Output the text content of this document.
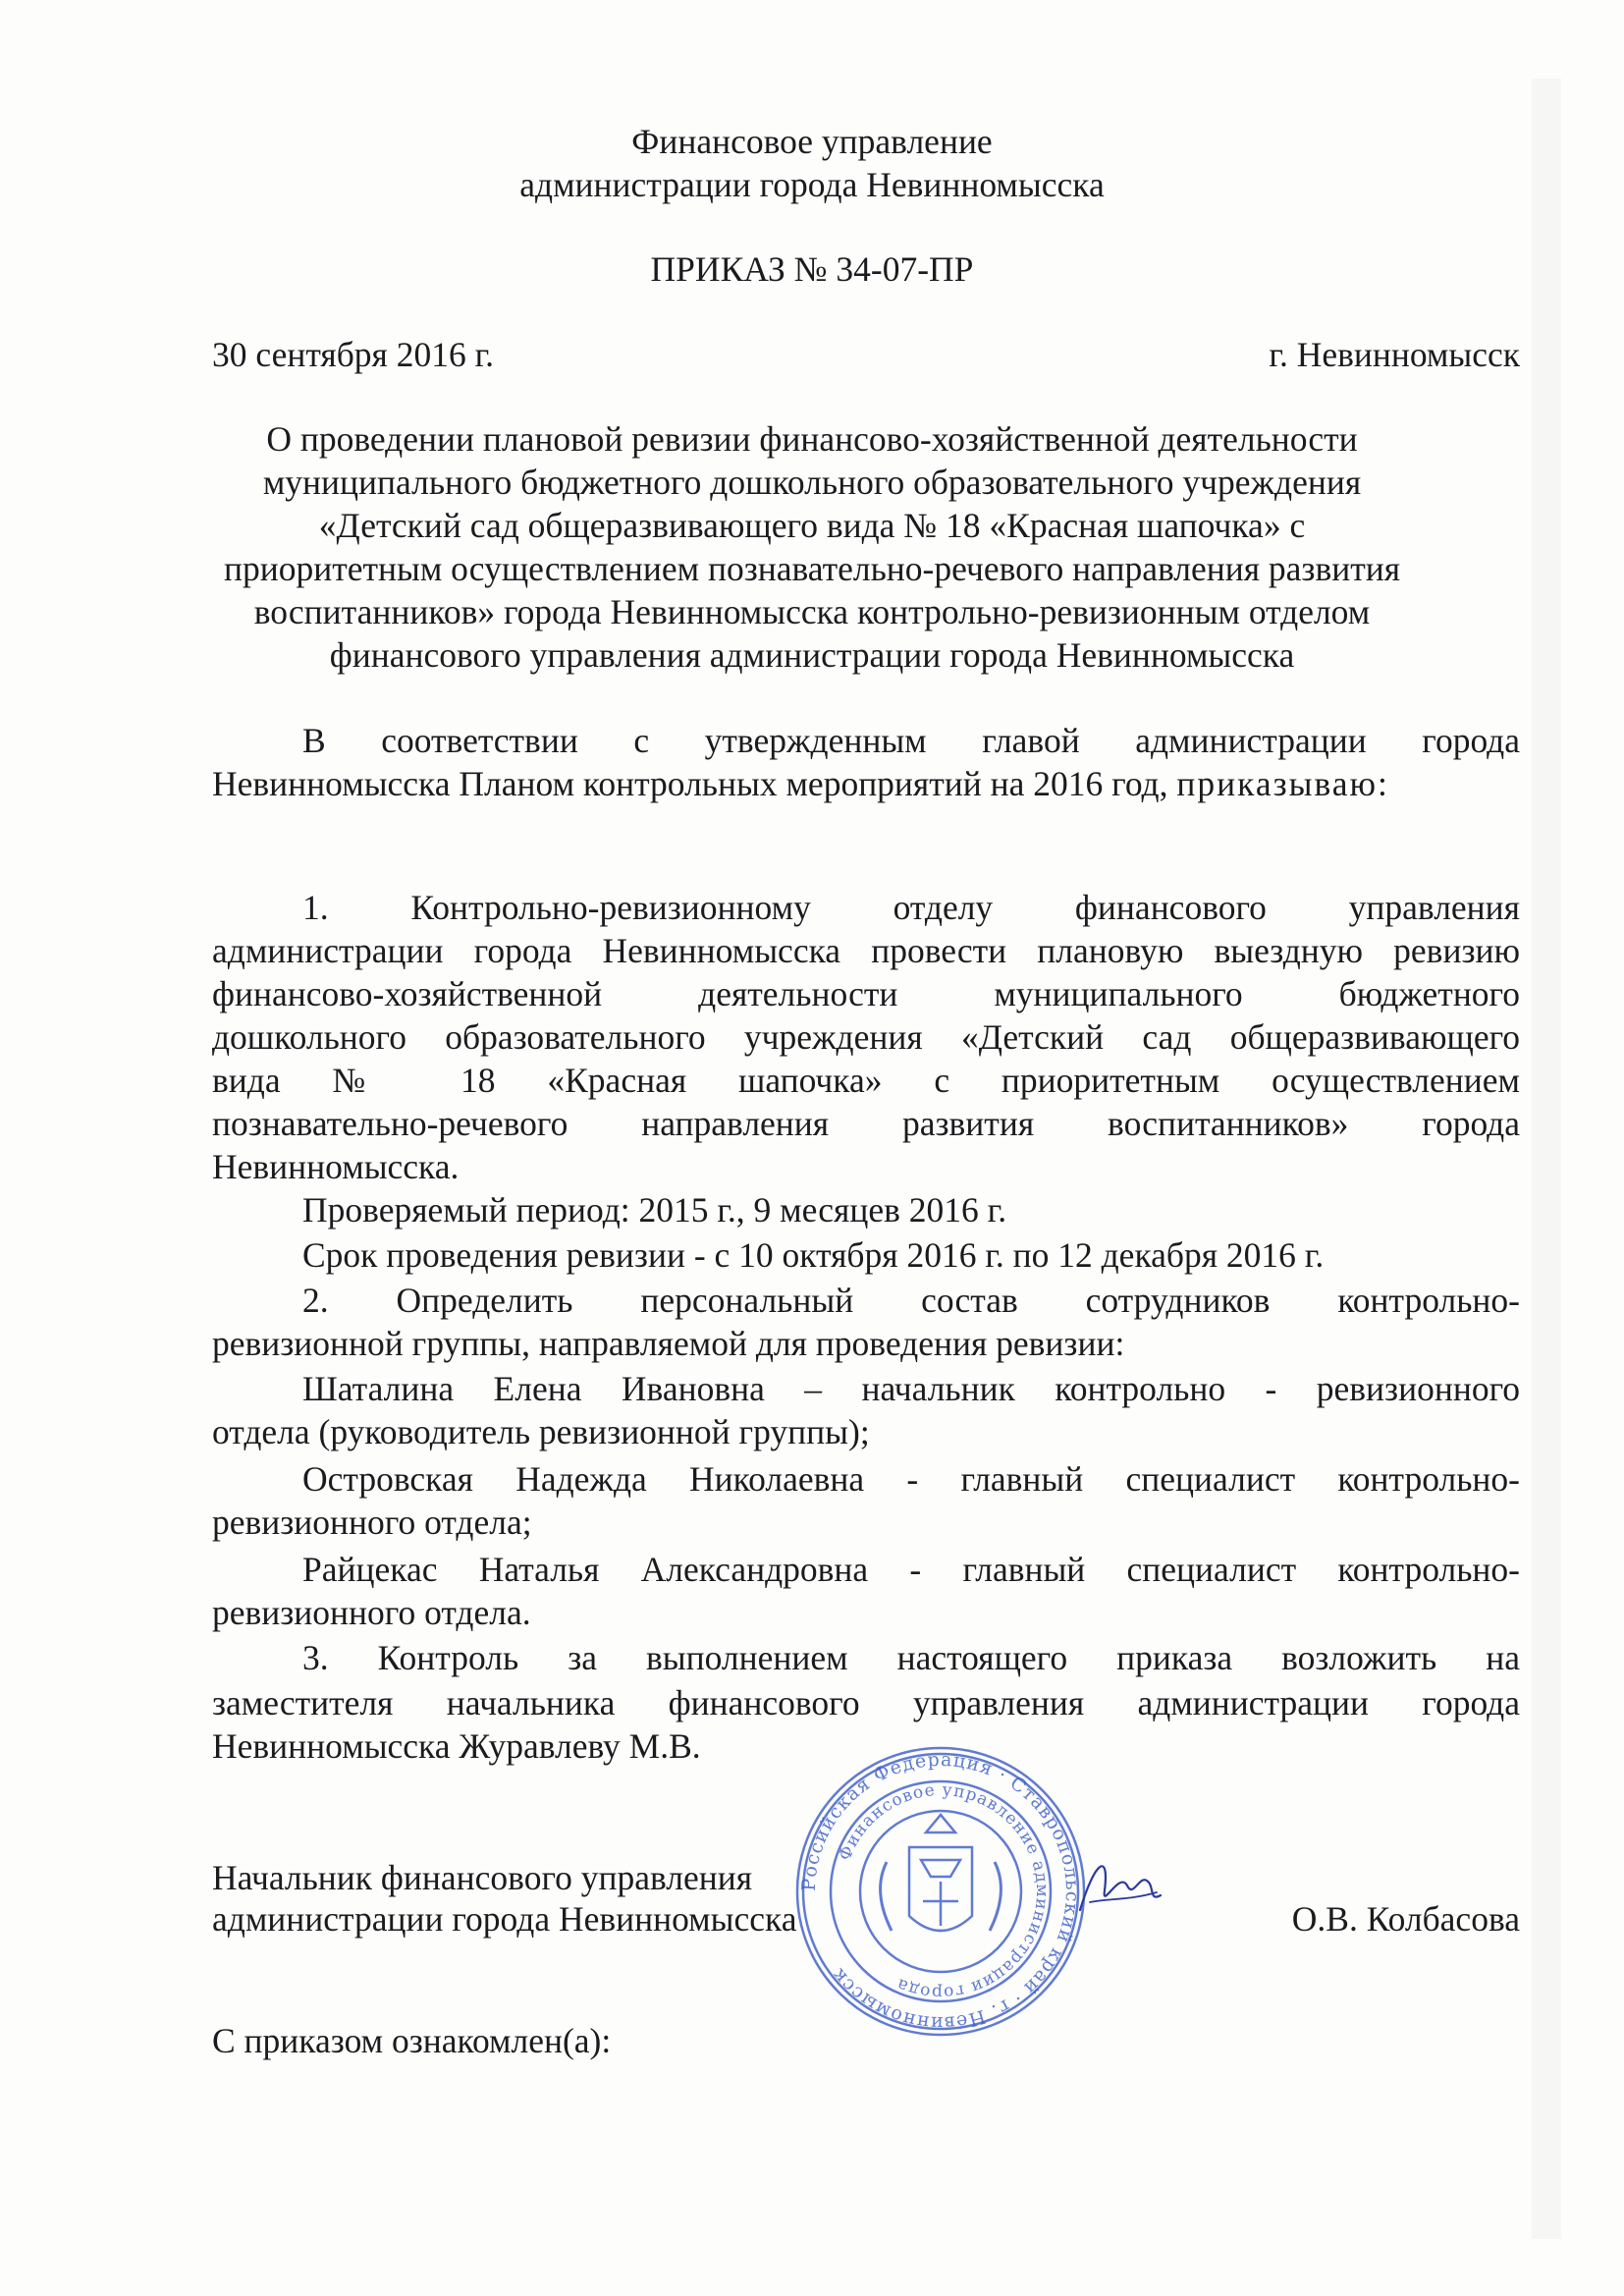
Финансовое управление
администрации города Невинномысска
ПРИКАЗ № 34-07-ПР
30 сентября 2016 г.	г. Невинномысск
О проведении плановой ревизии финансово-хозяйственной деятельности
муниципального бюджетного дошкольного образовательного учреждения
«Детский сад общеразвивающего вида № 18 «Красная шапочка» с
приоритетным осуществлением познавательно-речевого направления развития
воспитанников» города Невинномысска контрольно-ревизионным отделом
финансового управления администрации города Невинномысска
В соответствии с утвержденным главой администрации города
Невинномысска Планом контрольных мероприятий на 2016 год, приказываю:
1. Контрольно-ревизионному отделу финансового управления
администрации города Невинномысска провести плановую выездную ревизию
финансово-хозяйственной деятельности муниципального бюджетного
дошкольного образовательного учреждения «Детский сад общеразвивающего
вида № 18 «Красная шапочка» с приоритетным осуществлением
познавательно-речевого направления развития воспитанников» города
Невинномысска.
Проверяемый период: 2015 г., 9 месяцев 2016 г.
Срок проведения ревизии - с 10 октября 2016 г. по 12 декабря 2016 г.
2. Определить персональный состав сотрудников контрольно-
ревизионной группы, направляемой для проведения ревизии:
Шаталина Елена Ивановна – начальник контрольно - ревизионного
отдела (руководитель ревизионной группы);
Островская Надежда Николаевна - главный специалист контрольно-
ревизионного отдела;
Райцекас Наталья Александровна - главный специалист контрольно-
ревизионного отдела.
3. Контроль за выполнением настоящего приказа возложить на
заместителя начальника финансового управления администрации города
Невинномысска Журавлеву М.В.
Начальник финансового управления
администрации города Невинномысска	О.В. Колбасова
Российская Федерация · Ставропольский край · г. Невинномысск
Финансовое управление администрации города
С приказом ознакомлен(а):
